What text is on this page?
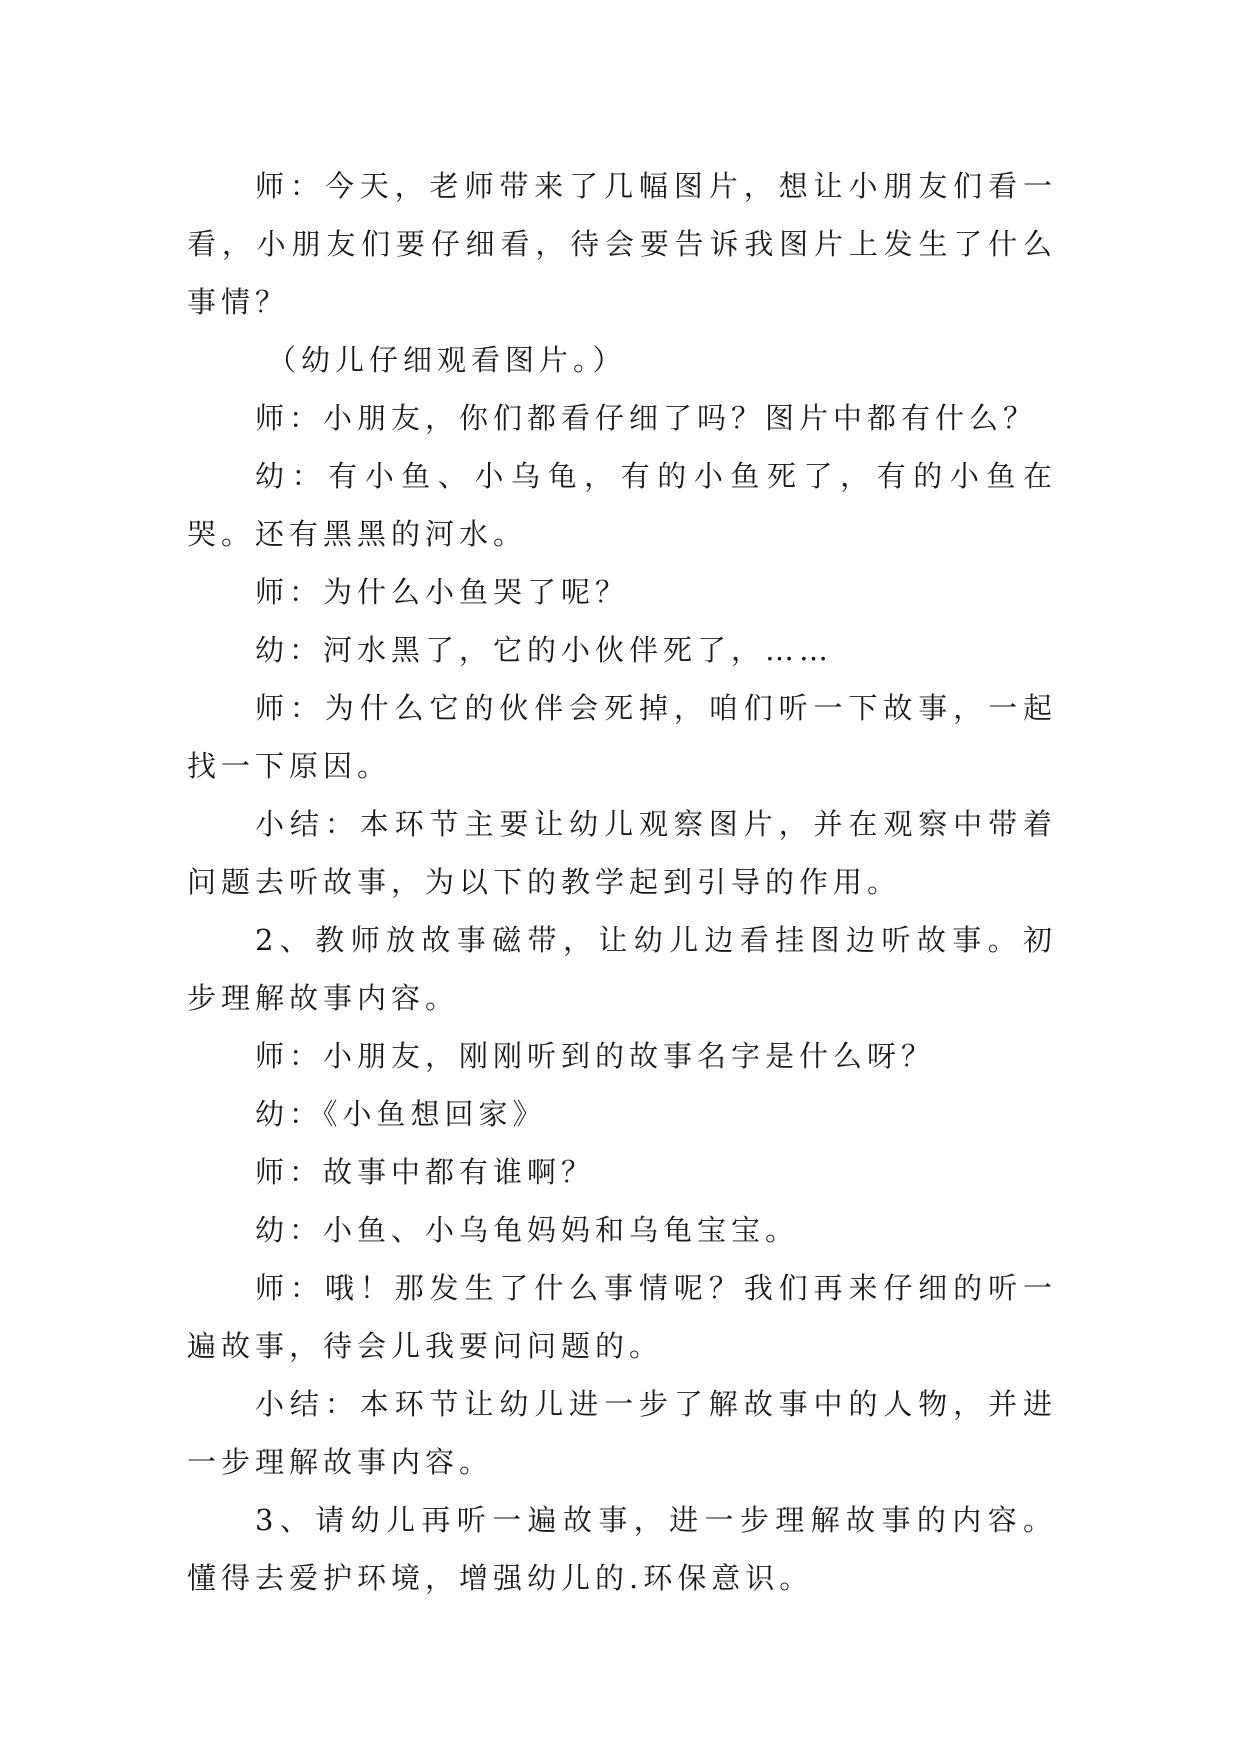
师：今天，老师带来了几幅图片，想让小朋友们看一看，小朋友们要仔细看，待会要告诉我图片上发生了什么事情？

（幼儿仔细观看图片。）

师：小朋友，你们都看仔细了吗？图片中都有什么？

幼：有小鱼、小乌龟，有的小鱼死了，有的小鱼在哭。还有黑黑的河水。

师：为什么小鱼哭了呢？

幼：河水黑了，它的小伙伴死了，……

师：为什么它的伙伴会死掉，咱们听一下故事，一起找一下原因。

小结：本环节主要让幼儿观察图片，并在观察中带着问题去听故事，为以下的教学起到引导的作用。

2、教师放故事磁带，让幼儿边看挂图边听故事。初步理解故事内容。

师：小朋友，刚刚听到的故事名字是什么呀？

幼：《小鱼想回家》

师：故事中都有谁啊？

幼：小鱼、小乌龟妈妈和乌龟宝宝。

师：哦！那发生了什么事情呢？我们再来仔细的听一遍故事，待会儿我要问问题的。

小结：本环节让幼儿进一步了解故事中的人物，并进一步理解故事内容。

3、请幼儿再听一遍故事，进一步理解故事的内容。懂得去爱护环境，增强幼儿的.环保意识。
